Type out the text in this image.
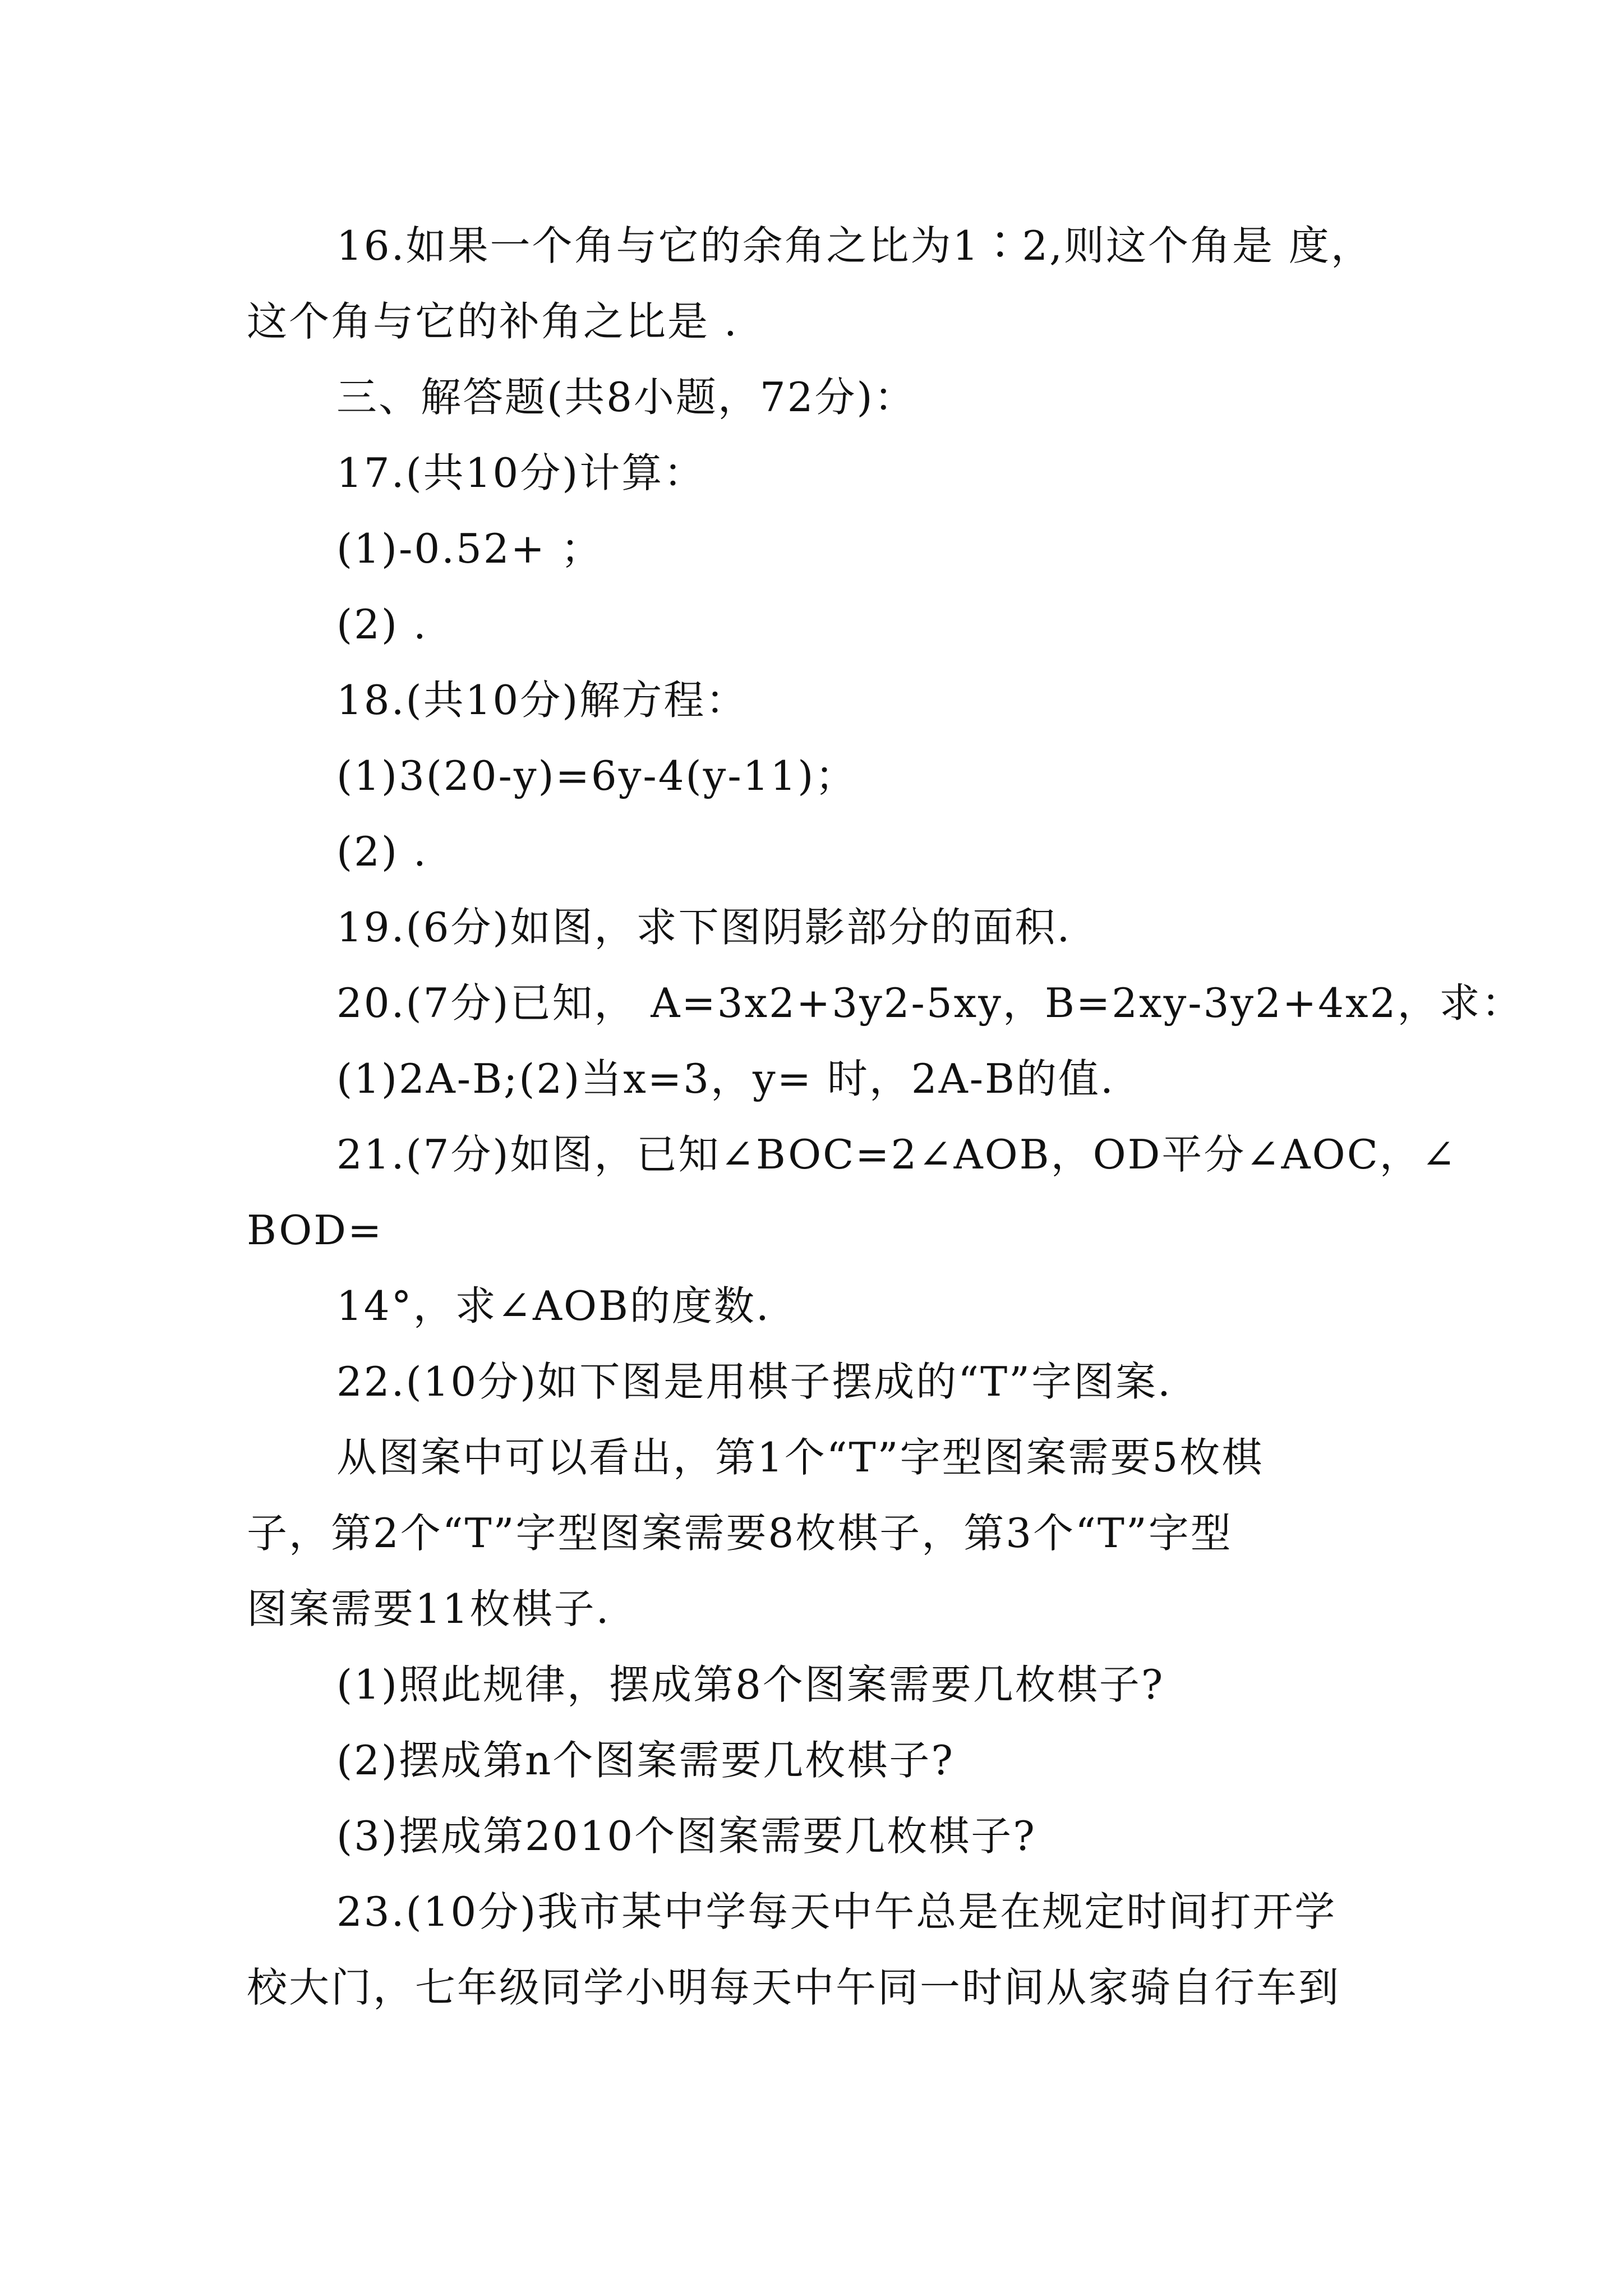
16.如果一个角与它的余角之比为1∶2,则这个角是 度，
这个角与它的补角之比是 .
三、解答题(共8小题，72分)：
17.(共10分)计算：
(1)-0.52+ ；
(2) .
18.(共10分)解方程：
(1)3(20-y)=6y-4(y-11)；
(2) .
19.(6分)如图，求下图阴影部分的面积.
20.(7分)已知， A=3x2+3y2-5xy，B=2xy-3y2+4x2，求：
(1)2A-B;(2)当x=3，y= 时，2A-B的值.
21.(7分)如图，已知∠BOC=2∠AOB，OD平分∠AOC，∠
BOD=
14°，求∠AOB的度数.
22.(10分)如下图是用棋子摆成的“T”字图案.
从图案中可以看出，第1个“T”字型图案需要5枚棋
子，第2个“T”字型图案需要8枚棋子，第3个“T”字型
图案需要11枚棋子.
(1)照此规律，摆成第8个图案需要几枚棋子?
(2)摆成第n个图案需要几枚棋子?
(3)摆成第2010个图案需要几枚棋子?
23.(10分)我市某中学每天中午总是在规定时间打开学
校大门，七年级同学小明每天中午同一时间从家骑自行车到
